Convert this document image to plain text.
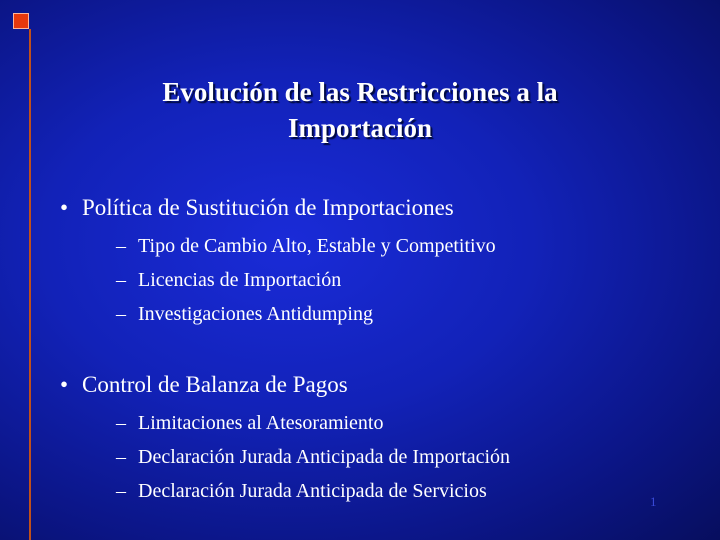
Evolución de las Restricciones a la
Importación
• Política de Sustitución de Importaciones
– Tipo de Cambio Alto, Estable y Competitivo
– Licencias de Importación
– Investigaciones Antidumping
• Control de Balanza de Pagos
– Limitaciones al Atesoramiento
– Declaración Jurada Anticipada de Importación
– Declaración Jurada Anticipada de Servicios	1
